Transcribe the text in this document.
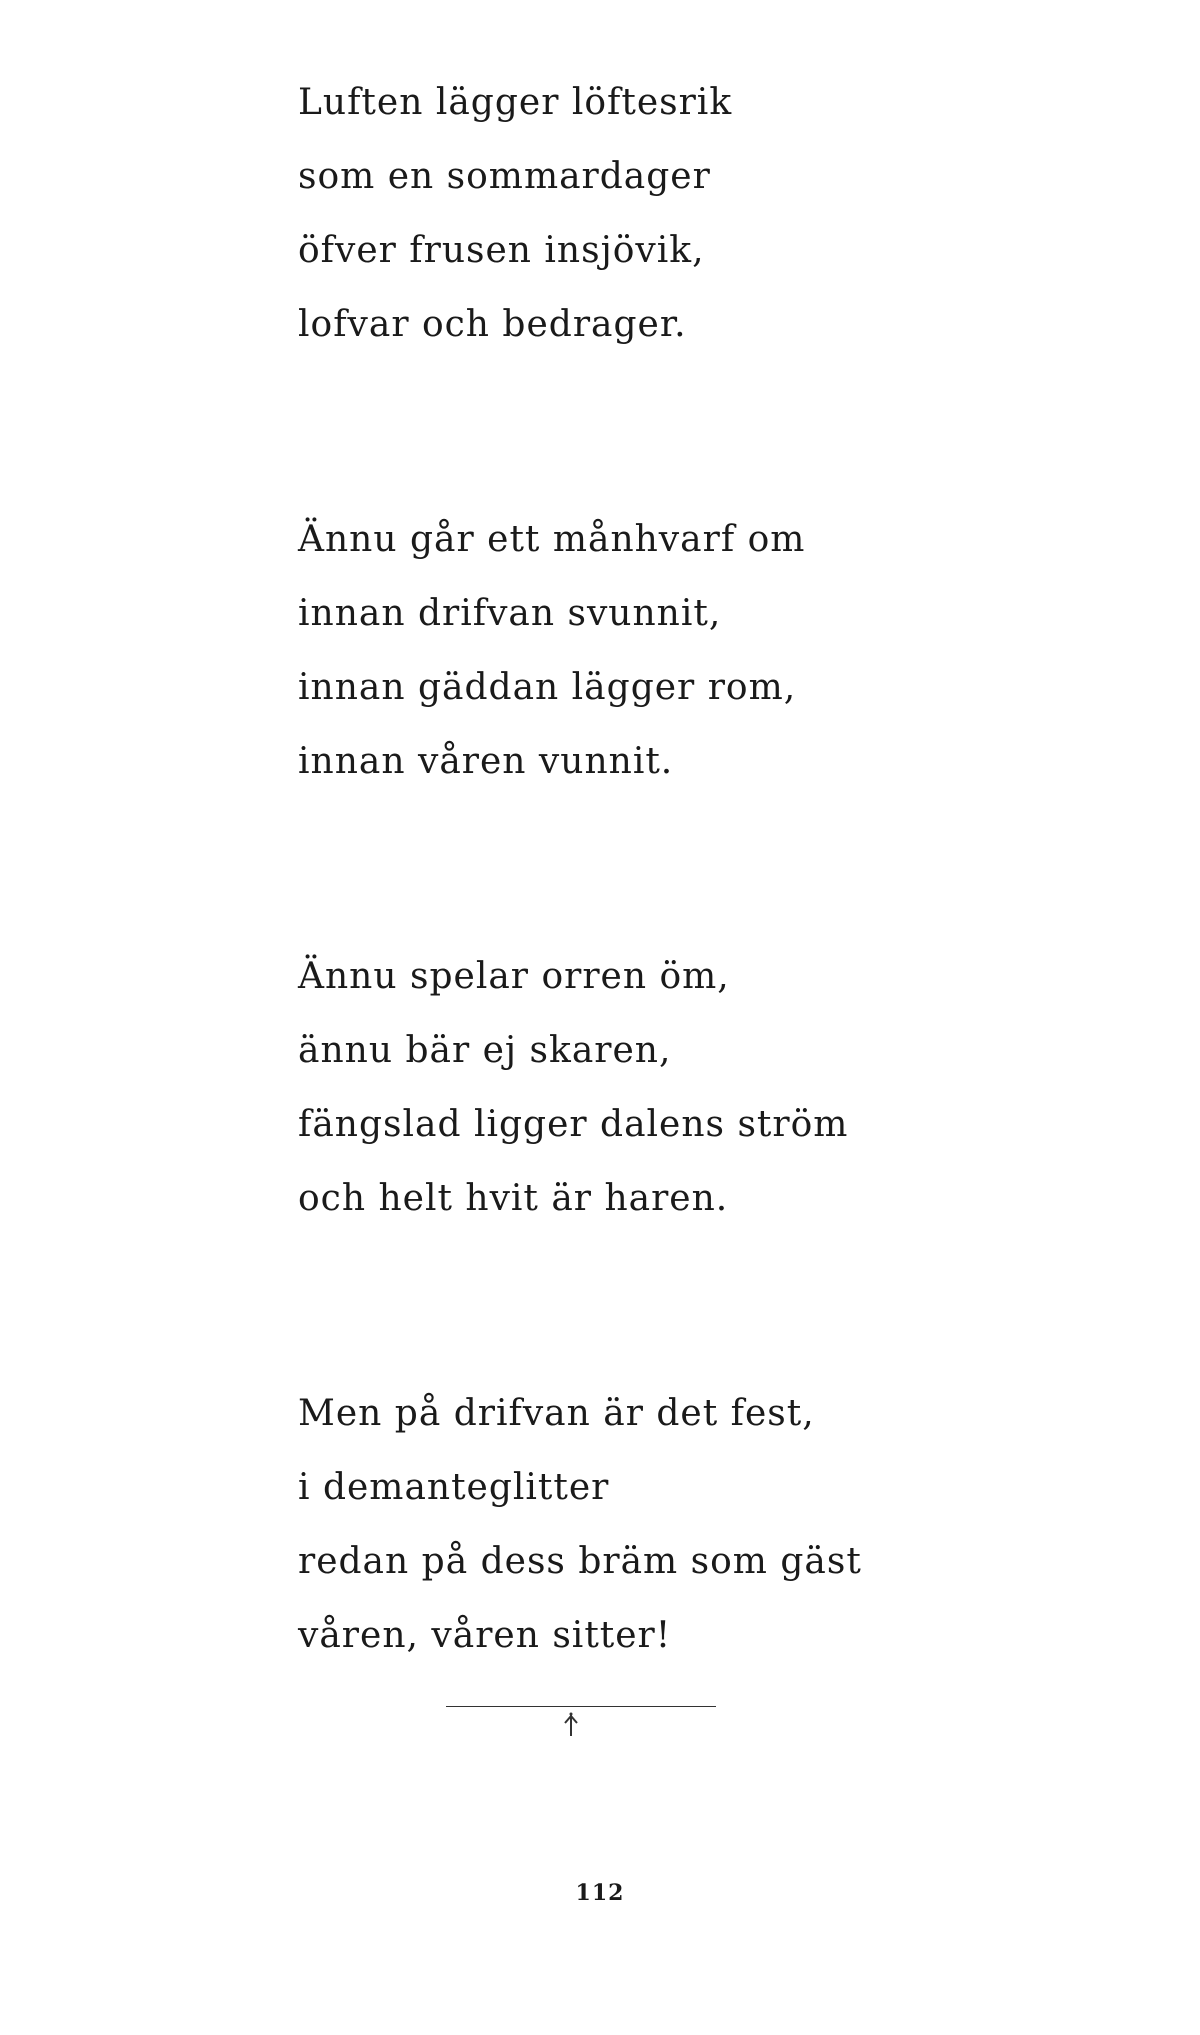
Luften lägger löftesrik
som en sommardager
öfver frusen insjövik,
lofvar och bedrager.
Ännu går ett månhvarf om
innan drifvan svunnit,
innan gäddan lägger rom,
innan våren vunnit.
Ännu spelar orren öm,
ännu bär ej skaren,
fängslad ligger dalens ström
och helt hvit är haren.
Men på drifvan är det fest,
i demanteglitter
redan på dess bräm som gäst
våren, våren sitter!
112
